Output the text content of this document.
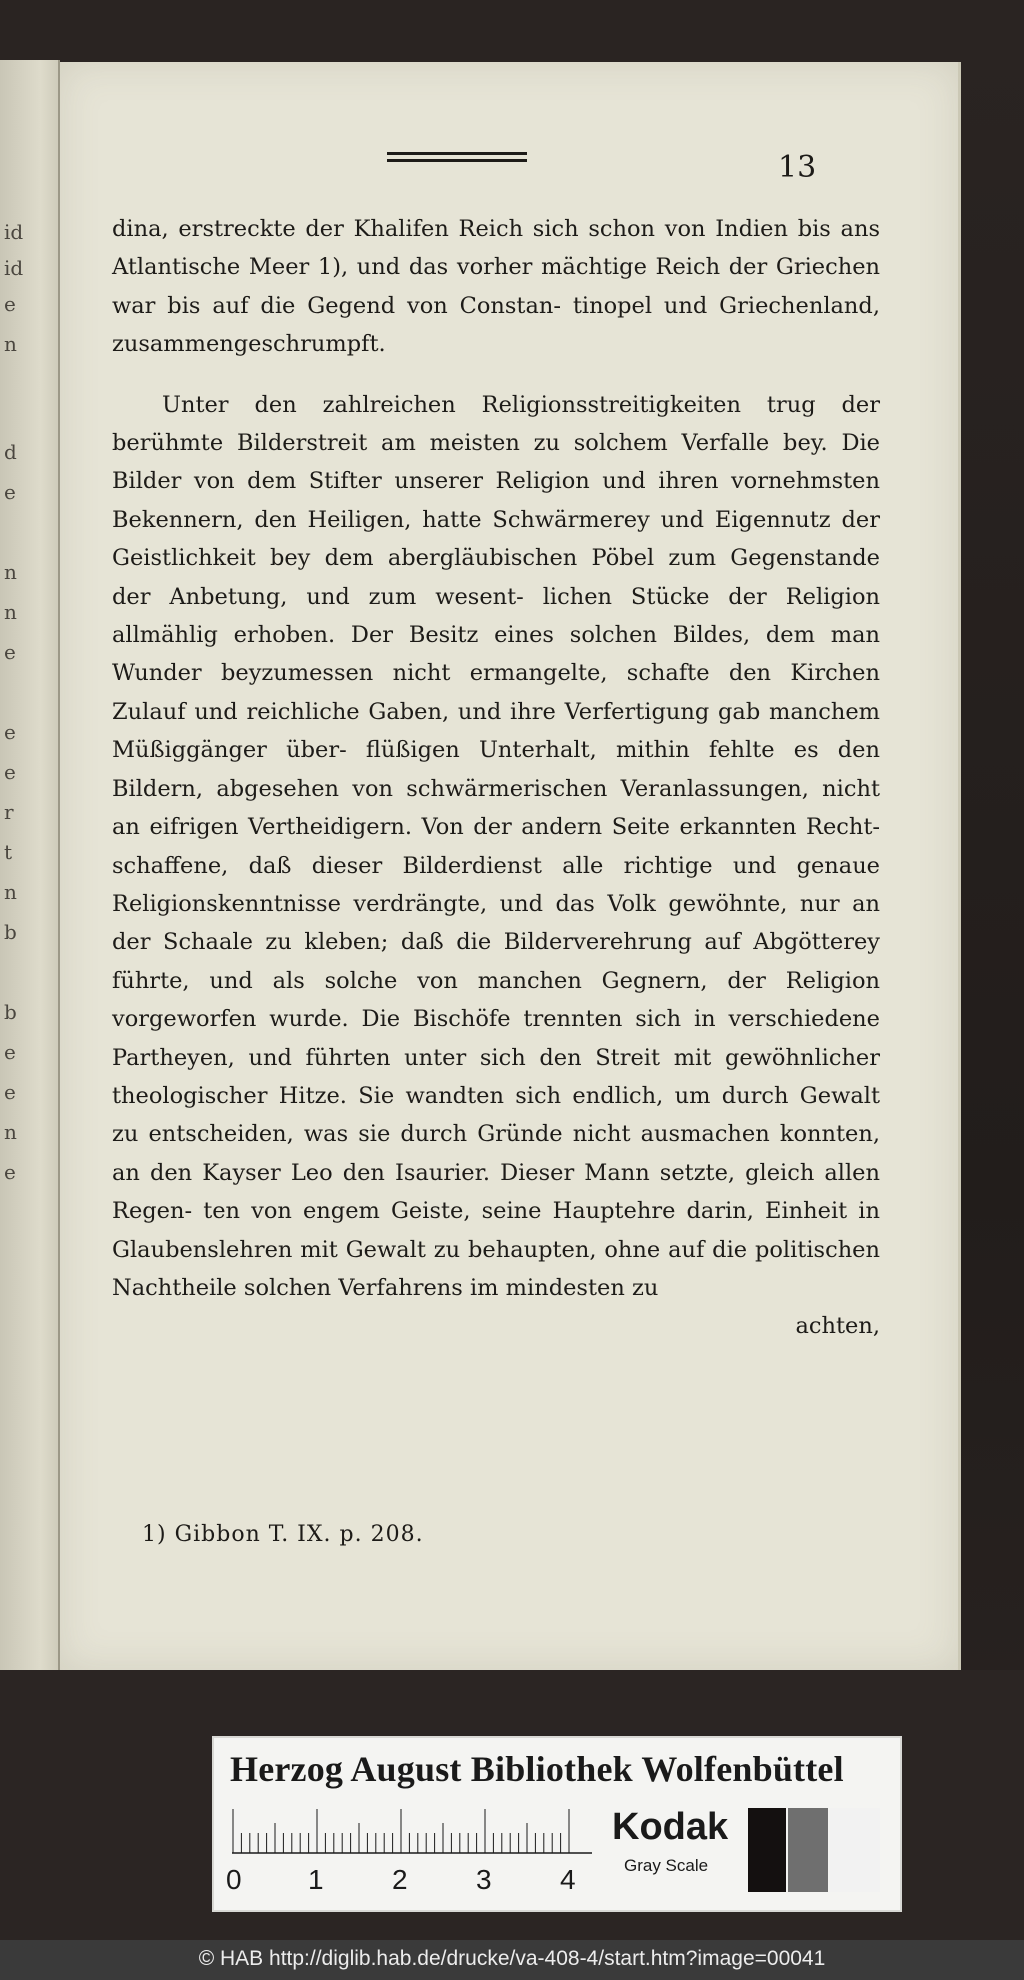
id
id
e
n
d
e
n
n
e
e
e
r
t
n
b
b
e
e
n
e
13

dina, erstreckte der Khalifen Reich sich schon von Indien bis ans Atlantische Meer 1), und das vorher mächtige Reich der Griechen war bis auf die Gegend von Constan- tinopel und Griechenland, zusammengeschrumpft.

Unter den zahlreichen Religionsstreitigkeiten trug der berühmte Bilderstreit am meisten zu solchem Verfalle bey. Die Bilder von dem Stifter unserer Religion und ihren vornehmsten Bekennern, den Heiligen, hatte Schwärmerey und Eigennutz der Geistlichkeit bey dem abergläubischen Pöbel zum Gegenstande der Anbetung, und zum wesent- lichen Stücke der Religion allmählig erhoben. Der Besitz eines solchen Bildes, dem man Wunder beyzumessen nicht ermangelte, schafte den Kirchen Zulauf und reichliche Gaben, und ihre Verfertigung gab manchem Müßiggänger über- flüßigen Unterhalt, mithin fehlte es den Bildern, abgesehen von schwärmerischen Veranlassungen, nicht an eifrigen Vertheidigern. Von der andern Seite erkannten Recht- schaffene, daß dieser Bilderdienst alle richtige und genaue Religionskenntnisse verdrängte, und das Volk gewöhnte, nur an der Schaale zu kleben; daß die Bilderverehrung auf Abgötterey führte, und als solche von manchen Gegnern, der Religion vorgeworfen wurde. Die Bischöfe trennten sich in verschiedene Partheyen, und führten unter sich den Streit mit gewöhnlicher theologischer Hitze. Sie wandten sich endlich, um durch Gewalt zu entscheiden, was sie durch Gründe nicht ausmachen konnten, an den Kayser Leo den Isaurier. Dieser Mann setzte, gleich allen Regen- ten von engem Geiste, seine Hauptehre darin, Einheit in Glaubenslehren mit Gewalt zu behaupten, ohne auf die politischen Nachtheile solchen Verfahrens im mindesten zu

achten,

1) Gibbon T. IX. p. 208.
Herzog August Bibliothek Wolfenbüttel
0 1 2 3 4
Kodak
Gray Scale
© HAB http://diglib.hab.de/drucke/va-408-4/start.htm?image=00041
